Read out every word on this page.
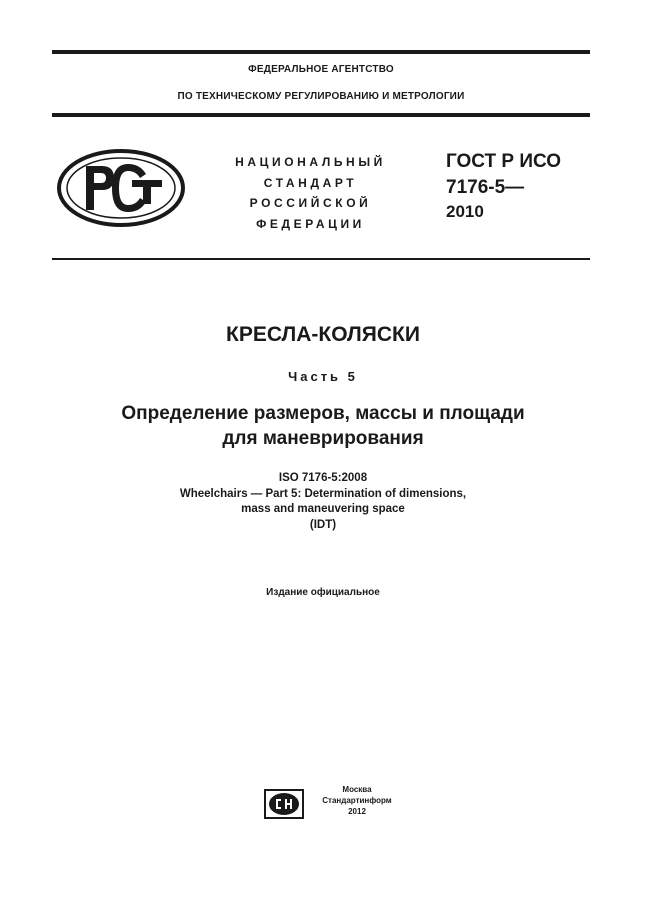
ФЕДЕРАЛЬНОЕ АГЕНТСТВО
ПО ТЕХНИЧЕСКОМУ РЕГУЛИРОВАНИЮ И МЕТРОЛОГИИ
НАЦИОНАЛЬНЫЙ
СТАНДАРТ
РОССИЙСКОЙ
ФЕДЕРАЦИИ
ГОСТ Р ИСО
7176-5—
2010
КРЕСЛА-КОЛЯСКИ
Часть 5
Определение размеров, массы и площади
для маневрирования
ISO 7176-5:2008
Wheelchairs — Part 5: Determination of dimensions,
mass and maneuvering space
(IDT)
Издание официальное
Москва
Стандартинформ
2012
